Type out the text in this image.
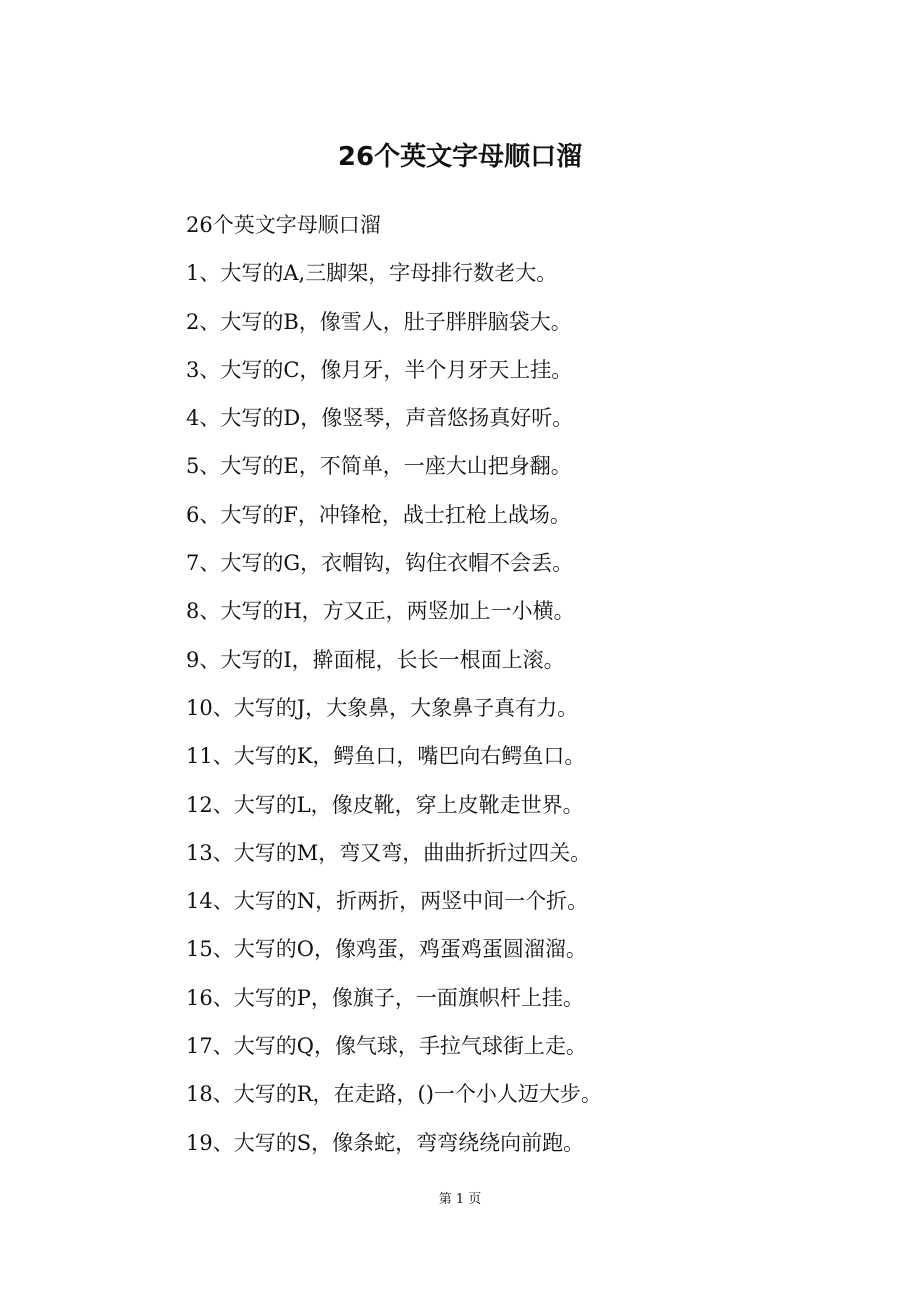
26个英文字母顺口溜
26个英文字母顺口溜
1、大写的A,三脚架，字母排行数老大。
2、大写的B，像雪人，肚子胖胖脑袋大。
3、大写的C，像月牙，半个月牙天上挂。
4、大写的D，像竖琴，声音悠扬真好听。
5、大写的E，不简单，一座大山把身翻。
6、大写的F，冲锋枪，战士扛枪上战场。
7、大写的G，衣帽钩，钩住衣帽不会丢。
8、大写的H，方又正，两竖加上一小横。
9、大写的I，擀面棍，长长一根面上滚。
10、大写的J，大象鼻，大象鼻子真有力。
11、大写的K，鳄鱼口，嘴巴向右鳄鱼口。
12、大写的L，像皮靴，穿上皮靴走世界。
13、大写的M，弯又弯，曲曲折折过四关。
14、大写的N，折两折，两竖中间一个折。
15、大写的O，像鸡蛋，鸡蛋鸡蛋圆溜溜。
16、大写的P，像旗子，一面旗帜杆上挂。
17、大写的Q，像气球，手拉气球街上走。
18、大写的R，在走路，()一个小人迈大步。
19、大写的S，像条蛇，弯弯绕绕向前跑。
第 1 页
